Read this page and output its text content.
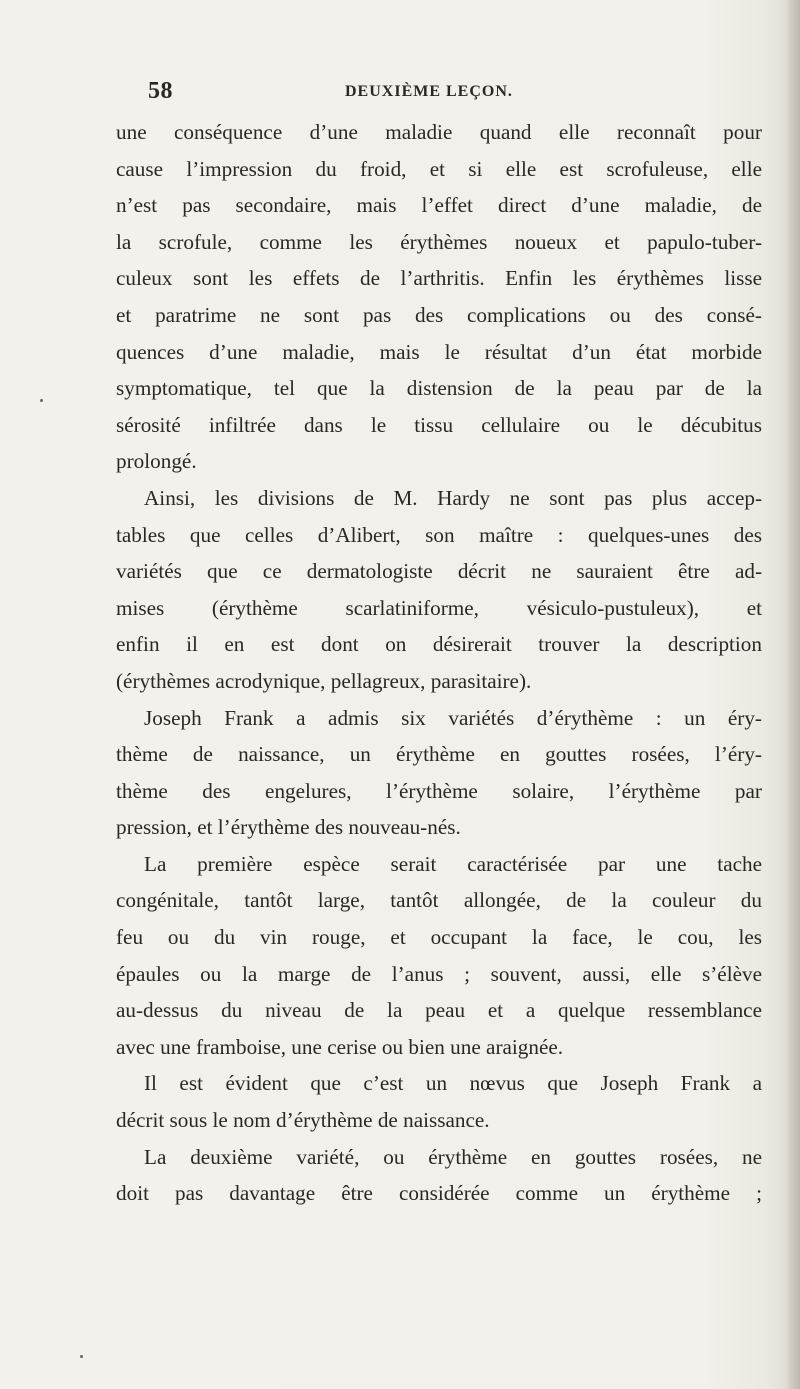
58	DEUXIÈME LEÇON.
une conséquence d’une maladie quand elle reconnaît pour
cause l’impression du froid, et si elle est scrofuleuse, elle
n’est pas secondaire, mais l’effet direct d’une maladie, de
la scrofule, comme les érythèmes noueux et papulo-tuber-
culeux sont les effets de l’arthritis. Enfin les érythèmes lisse
et paratrime ne sont pas des complications ou des consé-
quences d’une maladie, mais le résultat d’un état morbide
symptomatique, tel que la distension de la peau par de la
sérosité infiltrée dans le tissu cellulaire ou le décubitus
prolongé.
Ainsi, les divisions de M. Hardy ne sont pas plus accep-
tables que celles d’Alibert, son maître : quelques-unes des
variétés que ce dermatologiste décrit ne sauraient être ad-
mises (érythème scarlatiniforme, vésiculo-pustuleux), et
enfin il en est dont on désirerait trouver la description
(érythèmes acrodynique, pellagreux, parasitaire).
Joseph Frank a admis six variétés d’érythème : un éry-
thème de naissance, un érythème en gouttes rosées, l’éry-
thème des engelures, l’érythème solaire, l’érythème par
pression, et l’érythème des nouveau-nés.
La première espèce serait caractérisée par une tache
congénitale, tantôt large, tantôt allongée, de la couleur du
feu ou du vin rouge, et occupant la face, le cou, les
épaules ou la marge de l’anus ; souvent, aussi, elle s’élève
au-dessus du niveau de la peau et a quelque ressemblance
avec une framboise, une cerise ou bien une araignée.
Il est évident que c’est un nœvus que Joseph Frank a
décrit sous le nom d’érythème de naissance.
La deuxième variété, ou érythème en gouttes rosées, ne
doit pas davantage être considérée comme un érythème ;
